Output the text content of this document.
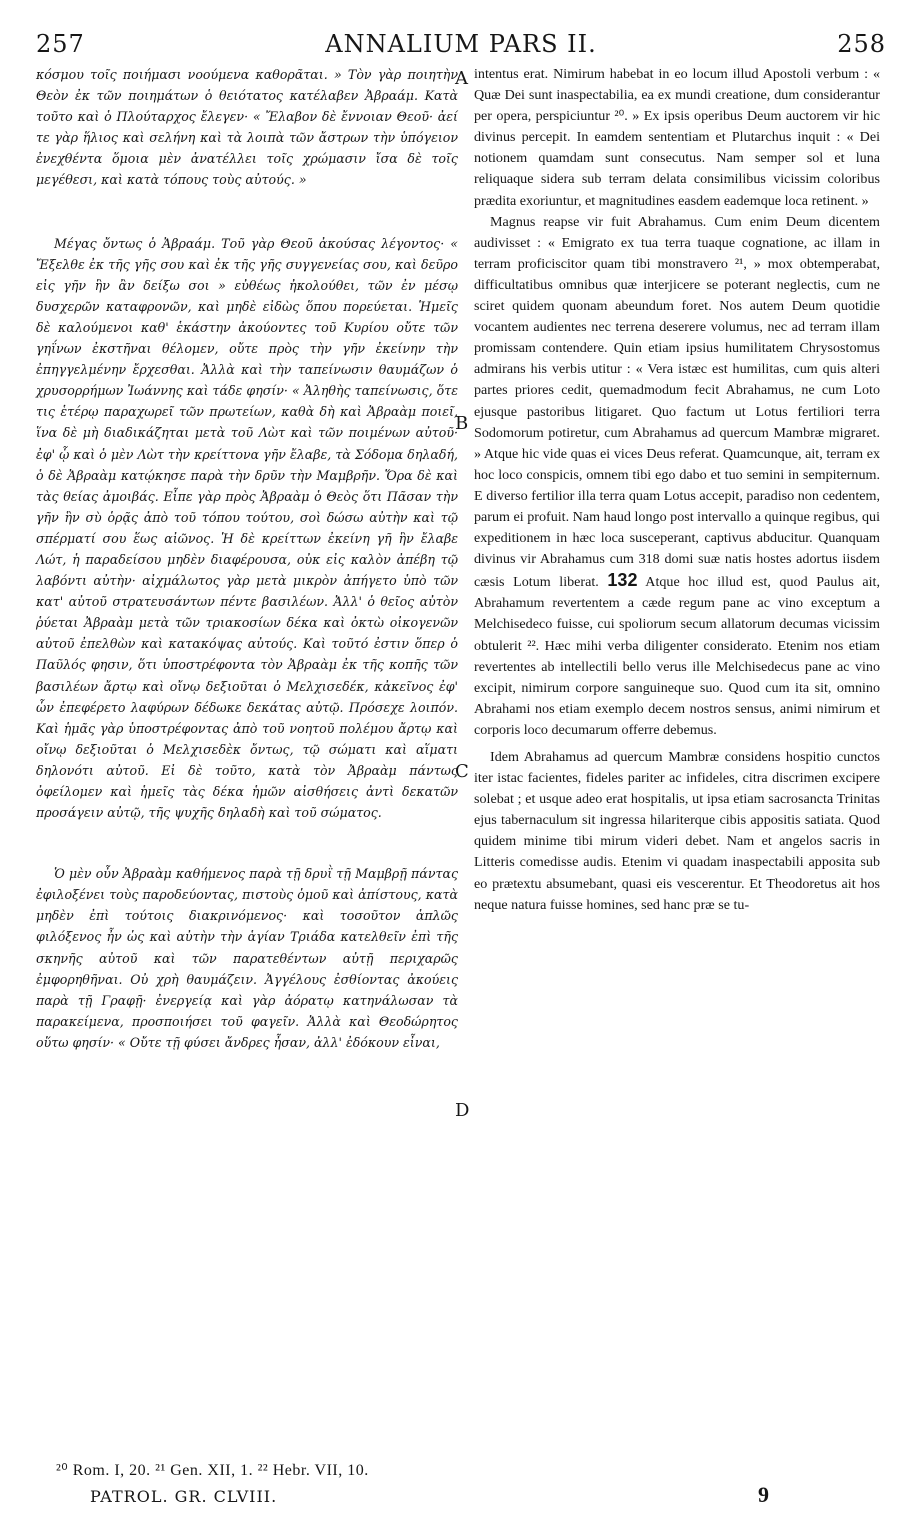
257	ANNALIUM PARS II.	258

κόσμου τοῖς ποιήμασι νοούμενα καθορᾶται. » Τὸν γὰρ ποιητὴν Θεὸν ἐκ τῶν ποιημάτων ὁ θειότατος κατέλαβεν Ἀβραάμ. Κατὰ τοῦτο καὶ ὁ Πλούταρχος ἔλεγεν· « Ἔλαβον δὲ ἔννοιαν Θεοῦ· ἀεί τε γὰρ ἥλιος καὶ σελήνη καὶ τὰ λοιπὰ τῶν ἄστρων τὴν ὑπόγειον ἐνεχθέντα ὅμοια μὲν ἀνατέλλει τοῖς χρώμασιν ἴσα δὲ τοῖς μεγέθεσι, καὶ κατὰ τόπους τοὺς αὐτούς. »

Μέγας ὄντως ὁ Ἀβραάμ. Τοῦ γὰρ Θεοῦ ἀκούσας λέγοντος· « Ἔξελθε ἐκ τῆς γῆς σου καὶ ἐκ τῆς γῆς συγγενείας σου, καὶ δεῦρο εἰς γῆν ἣν ἂν δείξω σοι » εὐθέως ἠκολούθει, τῶν ἐν μέσῳ δυσχερῶν καταφρονῶν, καὶ μηδὲ εἰδὼς ὅπου πορεύεται. Ἡμεῖς δὲ καλούμενοι καθ' ἑκάστην ἀκούοντες τοῦ Κυρίου οὔτε τῶν γηΐνων ἐκστῆναι θέλομεν, οὔτε πρὸς τὴν γῆν ἐκείνην τὴν ἐπηγγελμένην ἔρχεσθαι. Ἀλλὰ καὶ τὴν ταπείνωσιν θαυμάζων ὁ χρυσορρήμων Ἰωάννης καὶ τάδε φησίν· « Ἀληθὴς ταπείνωσις, ὅτε τις ἑτέρῳ παραχωρεῖ τῶν πρωτείων, καθὰ δὴ καὶ Ἀβραὰμ ποιεῖ, ἵνα δὲ μὴ διαδικάζηται μετὰ τοῦ Λὼτ καὶ τῶν ποιμένων αὐτοῦ· ἐφ' ᾧ καὶ ὁ μὲν Λὼτ τὴν κρείττονα γῆν ἔλαβε, τὰ Σόδομα δηλαδή, ὁ δὲ Ἀβραὰμ κατῴκησε παρὰ τὴν δρῦν τὴν Μαμβρῆν. Ὅρα δὲ καὶ τὰς θείας ἀμοιβάς. Εἶπε γὰρ πρὸς Ἀβραὰμ ὁ Θεὸς ὅτι Πᾶσαν τὴν γῆν ἣν σὺ ὁρᾷς ἀπὸ τοῦ τόπου τούτου, σοὶ δώσω αὐτὴν καὶ τῷ σπέρματί σου ἕως αἰῶνος. Ἡ δὲ κρείττων ἐκείνη γῆ ἣν ἔλαβε Λώτ, ἡ παραδείσου μηδὲν διαφέρουσα, οὐκ εἰς καλὸν ἀπέβη τῷ λαβόντι αὐτὴν· αἰχμάλωτος γὰρ μετὰ μικρὸν ἀπήγετο ὑπὸ τῶν κατ' αὐτοῦ στρατευσάντων πέντε βασιλέων. Ἀλλ' ὁ θεῖος αὐτὸν ῥύεται Ἀβραὰμ μετὰ τῶν τριακοσίων δέκα καὶ ὀκτὼ οἰκογενῶν αὐτοῦ ἐπελθὼν καὶ κατακόψας αὐτούς. Καὶ τοῦτό ἐστιν ὅπερ ὁ Παῦλός φησιν, ὅτι ὑποστρέφοντα τὸν Ἀβραὰμ ἐκ τῆς κοπῆς τῶν βασιλέων ἄρτῳ καὶ οἴνῳ δεξιοῦται ὁ Μελχισεδέκ, κἀκεῖνος ἐφ' ὧν ἐπεφέρετο λαφύρων δέδωκε δεκάτας αὐτῷ. Πρόσεχε λοιπόν. Καὶ ἡμᾶς γὰρ ὑποστρέφοντας ἀπὸ τοῦ νοητοῦ πολέμου ἄρτῳ καὶ οἴνῳ δεξιοῦται ὁ Μελχισεδὲκ ὄντως, τῷ σώματι καὶ αἵματι δηλονότι αὐτοῦ. Εἰ δὲ τοῦτο, κατὰ τὸν Ἀβραὰμ πάντως ὀφείλομεν καὶ ἡμεῖς τὰς δέκα ἡμῶν αἰσθήσεις ἀντὶ δεκατῶν προσάγειν αὐτῷ, τῆς ψυχῆς δηλαδὴ καὶ τοῦ σώματος.

Ὁ μὲν οὖν Ἀβραὰμ καθήμενος παρὰ τῇ δρυῒ τῇ Μαμβρῇ πάντας ἐφιλοξένει τοὺς παροδεύοντας, πιστοὺς ὁμοῦ καὶ ἀπίστους, κατὰ μηδὲν ἐπὶ τούτοις διακρινόμενος· καὶ τοσοῦτον ἁπλῶς φιλόξενος ἦν ὡς καὶ αὐτὴν τὴν ἁγίαν Τριάδα κατελθεῖν ἐπὶ τῆς σκηνῆς αὐτοῦ καὶ τῶν παρατεθέντων αὐτῇ περιχαρῶς ἐμφορηθῆναι. Οὐ χρὴ θαυμάζειν. Ἀγγέλους ἐσθίοντας ἀκούεις παρὰ τῇ Γραφῇ· ἐνεργείᾳ καὶ γὰρ ἀόρατῳ κατηνάλωσαν τὰ παρακείμενα, προσποιήσει τοῦ φαγεῖν. Ἀλλὰ καὶ Θεοδώρητος οὕτω φησίν· « Οὔτε τῇ φύσει ἄνδρες ἦσαν, ἀλλ' ἐδόκουν εἶναι,

A
B
C
D

intentus erat. Nimirum habebat in eo locum illud Apostoli verbum : « Quæ Dei sunt inaspectabilia, ea ex mundi creatione, dum considerantur per opera, perspiciuntur ²⁰. » Ex ipsis operibus Deum auctorem vir hic divinus percepit. In eamdem sententiam et Plutarchus inquit : « Dei notionem quamdam sunt consecutus. Nam semper sol et luna reliquaque sidera sub terram delata consimilibus vicissim coloribus prædita exoriuntur, et magnitudines easdem eademque loca retinent. »

Magnus reapse vir fuit Abrahamus. Cum enim Deum dicentem audivisset : « Emigrato ex tua terra tuaque cognatione, ac illam in terram proficiscitor quam tibi monstravero ²¹, » mox obtemperabat, difficultatibus omnibus quæ interjicere se poterant neglectis, cum ne sciret quidem quonam abeundum foret. Nos autem Deum quotidie vocantem audientes nec terrena deserere volumus, nec ad terram illam promissam contendere. Quin etiam ipsius humilitatem Chrysostomus admirans his verbis utitur : « Vera istæc est humilitas, cum quis alteri partes priores cedit, quemadmodum fecit Abrahamus, ne cum Loto ejusque pastoribus litigaret. Quo factum ut Lotus fertiliori terra Sodomorum potiretur, cum Abrahamus ad quercum Mambræ migraret. » Atque hic vide quas ei vices Deus referat. Quamcunque, ait, terram ex hoc loco conspicis, omnem tibi ego dabo et tuo semini in sempiternum. E diverso fertilior illa terra quam Lotus accepit, paradiso non cedentem, parum ei profuit. Nam haud longo post intervallo a quinque regibus, qui expeditionem in hæc loca susceperant, captivus abducitur. Quanquam divinus vir Abrahamus cum 318 domi suæ natis hostes adortus iisdem cæsis Lotum liberat. 132 Atque hoc illud est, quod Paulus ait, Abrahamum revertentem a cæde regum pane ac vino exceptum a Melchisedeco fuisse, cui spoliorum secum allatorum decumas vicissim obtulerit ²². Hæc mihi verba diligenter considerato. Etenim nos etiam revertentes ab intellectili bello verus ille Melchisedecus pane ac vino excipit, nimirum corpore sanguineque suo. Quod cum ita sit, omnino Abrahami nos etiam exemplo decem nostros sensus, animi nimirum et corporis loco decumarum offerre debemus.

Idem Abrahamus ad quercum Mambræ considens hospitio cunctos iter istac facientes, fideles pariter ac infideles, citra discrimen excipere solebat ; et usque adeo erat hospitalis, ut ipsa etiam sacrosancta Trinitas ejus tabernaculum sit ingressa hilariterque cibis appositis satiata. Quod quidem minime tibi mirum videri debet. Nam et angelos sacris in Litteris comedisse audis. Etenim vi quadam inaspectabili apposita sub eo prætextu absumebant, quasi eis vescerentur. Et Theodoretus ait hos neque natura fuisse homines, sed hanc præ se tu-

²⁰ Rom. I, 20. ²¹ Gen. XII, 1. ²² Hebr. VII, 10.
PATROL. GR. CLVIII.	9
